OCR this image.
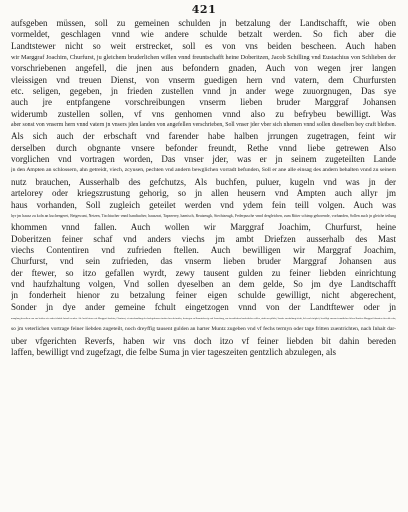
421
aufsgeben müssen, soll zu gemeinen schulden jn betzalung der Landtschafft, wie oben
vormeldet, geschlagen vnnd wie andere schulde betzalt werden. So fich aber die
Landtstewer nicht so weit erstrecket, soll es von vns beiden bescheen. Auch haben
wir Marggraf Joachim, Churfurst, ju gleichem bruderlichen willen vnnd freuntschafft heine Doberitzen, Jacob Schilling vnd Eustachius von Schlieben der
vorschriebenen angefell, die jnen aus befondern gnaden, Auch von wegen jrer langen
vleissigen vnd treuen Dienst, von vnserm guedigen hern vnd vatern, dem Churfursten
etc. seligen, gegeben, jn frieden zustellen vnnd jn ander wege zuuorgnugen, Das sye
auch jre entpfangene vorschreibungen vnserm lieben bruder Marggraf Johansen
widerumb zustellen sollen, vf vns genhomen vnnd also zu befrybeu bewilligt. Was
aber sonst von vnserm hern vnnd vatern jn vnsers jden landen von angefellen verschrieben, Soll vnser jder vber sich nhemen vnnd sollen dieselben bey craft bleiben.
Als sich auch der erbschaft vnd farender habe halben jrrungen zugetragen, feint wir
derselben durch obgnante vnsere befonder freundt, Rethe vnnd liebe getrewen Also
vorglichen vnd vortragen worden, Das vnser jder, was er jn seinem zugeteilten Lande
jn den Ampten an schlossern, ahn getreidt, viech, zcyusen, pechten vnd andern bewglichen vorradt befunden, Soll er ane alle einsag des andern behalten vnnd zu seinem
nutz brauchen, Ausserhalb des gefchutzs, Als buchfen, puluer, kugeln vnd was jn der
artelorey oder kriegszrustung gehorig, so jn allen heusern vnd Ampten auch allyr jm
haus vorhanden, Soll zugleich geteilet werden vnd ydem fein teill volgen. Auch was
hyr jm hausz zu koln an kuchengeret, Betgewant, Netzen, Tischtucher vnnd handtucher, hauszrat, Tapezerey, harnisch, Reutzeugk, Stechtzeugk, Federpusche vnnd dergleichen, zum Ritter schimp gehorende, vorhanden, Sollen auch jn gleiche teilung
khommen vnnd fallen. Auch wollen wir Marggraf Joachim, Churfurst, heine
Doberitzen feiner schaf vnd anders viechs jm ambt Driefzen ausserhalb des Mast
viechs Contentiren vnd zufrieden ftellen. Auch bewilligen wir Marggraf Joachim,
Churfurst, vnd sein zufrieden, das vnserm lieben bruder Marggraf Johansen aus
der ftewer, so itzo gefallen wyrdt, zewy tausent gulden zu feiner liebden einrichtung
vnd haufzhaltung volgen, Vnd sollen dyeselben an dem gelde, So jm dye Landtschafft
jn fonderheit hienor zu betzalung feiner eigen schulde gewilligt, nicht abgerechent,
Sonder jn dye ander gemeine fchult eingetzogen vnnd von der Landtftewer oder jn
manglung derselben von vns beiden wie ander fchulde betzalt werden. Als Auch hienor wir Marggraf Joachim, Churfurst, vf vnterhandlung des hochgebornen furften hern heinrichs, hertzogen zu Braunfchweig vnd Lunenburg, aus freuntlichem bruderlichen willen, nicht aus pflicht, Sonder zuerhaltung friedt, lieb vnd einigkeit, bewilligt vnserm freuntlichen lieben Brudern Marggraf Johanfen vber alles das,
so jm veterlichen vortrage feiner liebden zugeteilt, noch dreyffig tausent gulden an harter Muntz zugeben vnd vf fechs termyn oder tage fritten zuentrichten, nach Inhalt dar-
uber vfgerichten Reverfs, haben wir vns doch itzo vf feiner liebden bit dahin bereden
laffen, bewilligt vnd zugefzagt, die felbe Suma jn vier tageszeiten gentzlich abzulegen, als
